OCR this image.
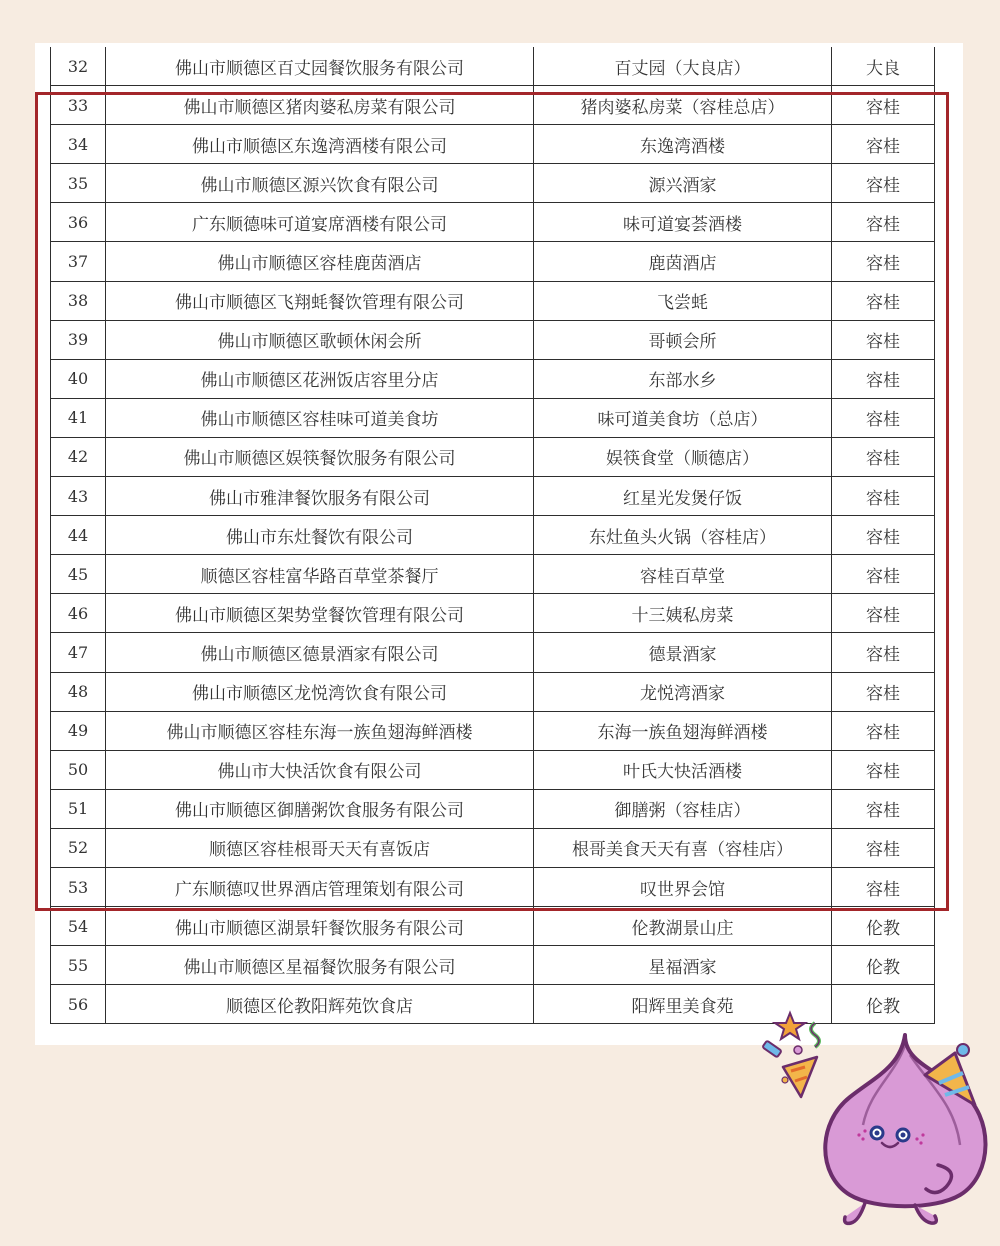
32	佛山市顺德区百丈园餐饮服务有限公司	百丈园（大良店）	大良
33	佛山市顺德区猪肉婆私房菜有限公司	猪肉婆私房菜（容桂总店）	容桂
34	佛山市顺德区东逸湾酒楼有限公司	东逸湾酒楼	容桂
35	佛山市顺德区源兴饮食有限公司	源兴酒家	容桂
36	广东顺德味可道宴席酒楼有限公司	味可道宴荟酒楼	容桂
37	佛山市顺德区容桂鹿茵酒店	鹿茵酒店	容桂
38	佛山市顺德区飞翔蚝餐饮管理有限公司	飞尝蚝	容桂
39	佛山市顺德区歌顿休闲会所	哥顿会所	容桂
40	佛山市顺德区花洲饭店容里分店	东部水乡	容桂
41	佛山市顺德区容桂味可道美食坊	味可道美食坊（总店）	容桂
42	佛山市顺德区娱筷餐饮服务有限公司	娱筷食堂（顺德店）	容桂
43	佛山市雅津餐饮服务有限公司	红星光发煲仔饭	容桂
44	佛山市东灶餐饮有限公司	东灶鱼头火锅（容桂店）	容桂
45	顺德区容桂富华路百草堂茶餐厅	容桂百草堂	容桂
46	佛山市顺德区架势堂餐饮管理有限公司	十三姨私房菜	容桂
47	佛山市顺德区德景酒家有限公司	德景酒家	容桂
48	佛山市顺德区龙悦湾饮食有限公司	龙悦湾酒家	容桂
49	佛山市顺德区容桂东海一族鱼翅海鲜酒楼	东海一族鱼翅海鲜酒楼	容桂
50	佛山市大快活饮食有限公司	叶氏大快活酒楼	容桂
51	佛山市顺德区御膳粥饮食服务有限公司	御膳粥（容桂店）	容桂
52	顺德区容桂根哥天天有喜饭店	根哥美食天天有喜（容桂店）	容桂
53	广东顺德叹世界酒店管理策划有限公司	叹世界会馆	容桂
54	佛山市顺德区湖景轩餐饮服务有限公司	伦教湖景山庄	伦教
55	佛山市顺德区星福餐饮服务有限公司	星福酒家	伦教
56	顺德区伦教阳辉苑饮食店	阳辉里美食苑	伦教
